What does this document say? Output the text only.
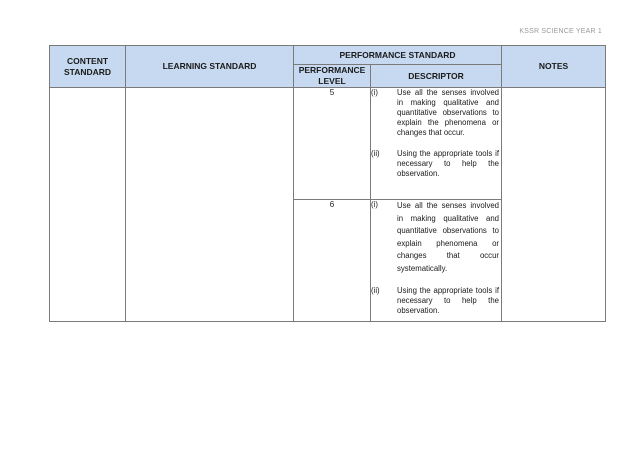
KSSR SCIENCE YEAR 1
CONTENT STANDARD	LEARNING STANDARD	PERFORMANCE STANDARD		NOTES
		PERFORMANCE LEVEL	DESCRIPTOR	
		5	(i) Use all the senses involved in making qualitative and quantitative observations to explain the phenomena or changes that occur.
(ii) Using the appropriate tools if necessary to help the observation.	

		6	(i) Use all the senses involved in making qualitative and quantitative observations to explain phenomena or changes that occur systematically.
(ii) Using the appropriate tools if necessary to help the observation.	
